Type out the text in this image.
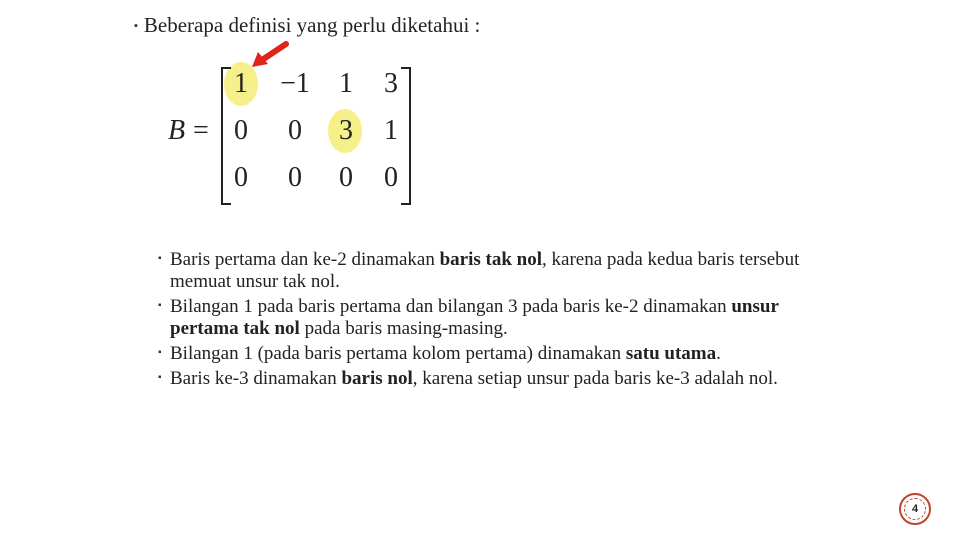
▪ Beberapa definisi yang perlu diketahui :
B =
1	−1	1	3
0	0	3	1
0	0	0	0
▪ Baris pertama dan ke-2 dinamakan baris tak nol, karena pada kedua baris tersebut memuat unsur tak nol.
▪ Bilangan 1 pada baris pertama dan bilangan 3 pada baris ke-2 dinamakan unsur pertama tak nol pada baris masing-masing.
▪ Bilangan 1 (pada baris pertama kolom pertama) dinamakan satu utama.
▪ Baris ke-3 dinamakan baris nol, karena setiap unsur pada baris ke-3 adalah nol.
4
